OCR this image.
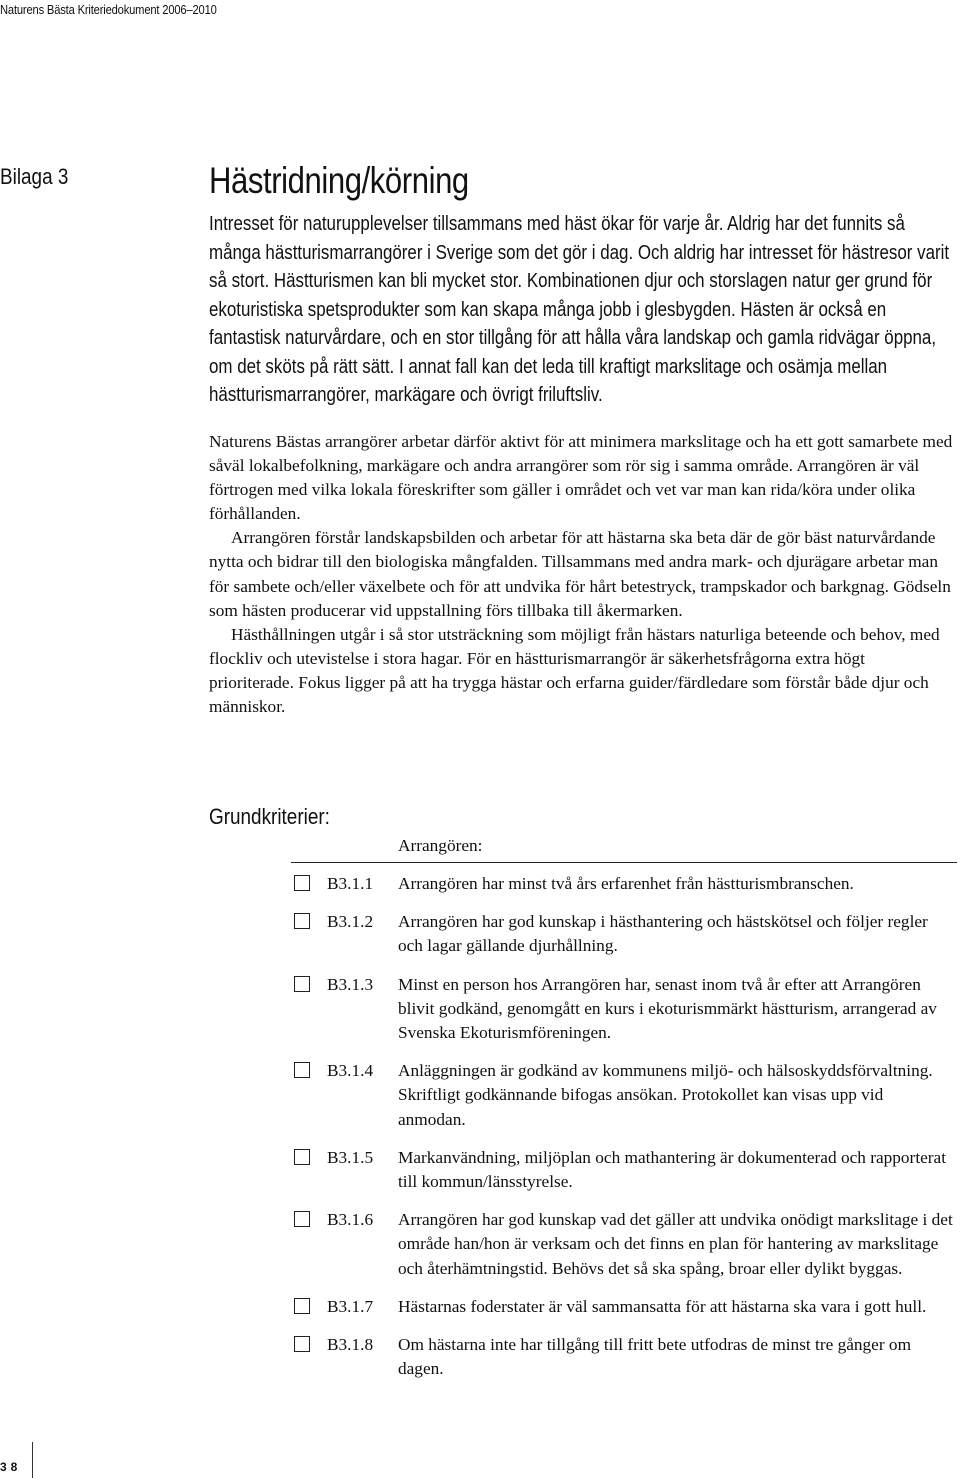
Naturens Bästa Kriteriedokument 2006–2010
Bilaga 3	Hästridning/körning

Intresset för naturupplevelser tillsammans med häst ökar för varje år. Aldrig har det funnits så många hästturismarrangörer i Sverige som det gör i dag. Och aldrig har intresset för hästresor varit så stort. Hästturismen kan bli mycket stor. Kombinationen djur och storslagen natur ger grund för ekoturistiska spetsprodukter som kan skapa många jobb i glesbygden. Hästen är också en fantastisk naturvårdare, och en stor tillgång för att hålla våra landskap och gamla ridvägar öppna, om det sköts på rätt sätt. I annat fall kan det leda till kraftigt markslitage och osämja mellan hästturismarrangörer, markägare och övrigt friluftsliv.

Naturens Bästas arrangörer arbetar därför aktivt för att minimera markslitage och ha ett gott samarbete med såväl lokalbefolkning, markägare och andra arrangörer som rör sig i samma område. Arrangören är väl förtrogen med vilka lokala föreskrifter som gäller i området och vet var man kan rida/köra under olika förhållanden.

Arrangören förstår landskapsbilden och arbetar för att hästarna ska beta där de gör bäst naturvårdande nytta och bidrar till den biologiska mångfalden. Tillsammans med andra mark- och djurägare arbetar man för sambete och/eller växelbete och för att undvika för hårt betestryck, trampskador och barkgnag. Gödseln som hästen producerar vid uppstallning förs tillbaka till åkermarken.

Hästhållningen utgår i så stor utsträckning som möjligt från hästars naturliga beteende och behov, med flockliv och utevistelse i stora hagar. För en hästturismarrangör är säkerhetsfrågorna extra högt prioriterade. Fokus ligger på att ha trygga hästar och erfarna guider/färdledare som förstår både djur och människor.

Grundkriterier:
Arrangören:
B3.1.1 Arrangören har minst två års erfarenhet från hästturismbranschen.
B3.1.2 Arrangören har god kunskap i hästhantering och hästskötsel och följer regler och lagar gällande djurhållning.
B3.1.3 Minst en person hos Arrangören har, senast inom två år efter att Arrangören blivit godkänd, genomgått en kurs i ekoturismmärkt hästturism, arrangerad av Svenska Ekoturismföreningen.
B3.1.4 Anläggningen är godkänd av kommunens miljö- och hälsoskyddsförvaltning. Skriftligt godkännande bifogas ansökan. Protokollet kan visas upp vid anmodan.
B3.1.5 Markanvändning, miljöplan och mathantering är dokumenterad och rapporterat till kommun/länsstyrelse.
B3.1.6 Arrangören har god kunskap vad det gäller att undvika onödigt markslitage i det område han/hon är verksam och det finns en plan för hantering av markslitage och återhämtningstid. Behövs det så ska spång, broar eller dylikt byggas.
B3.1.7 Hästarnas foderstater är väl sammansatta för att hästarna ska vara i gott hull.
B3.1.8 Om hästarna inte har tillgång till fritt bete utfodras de minst tre gånger om dagen.
38
